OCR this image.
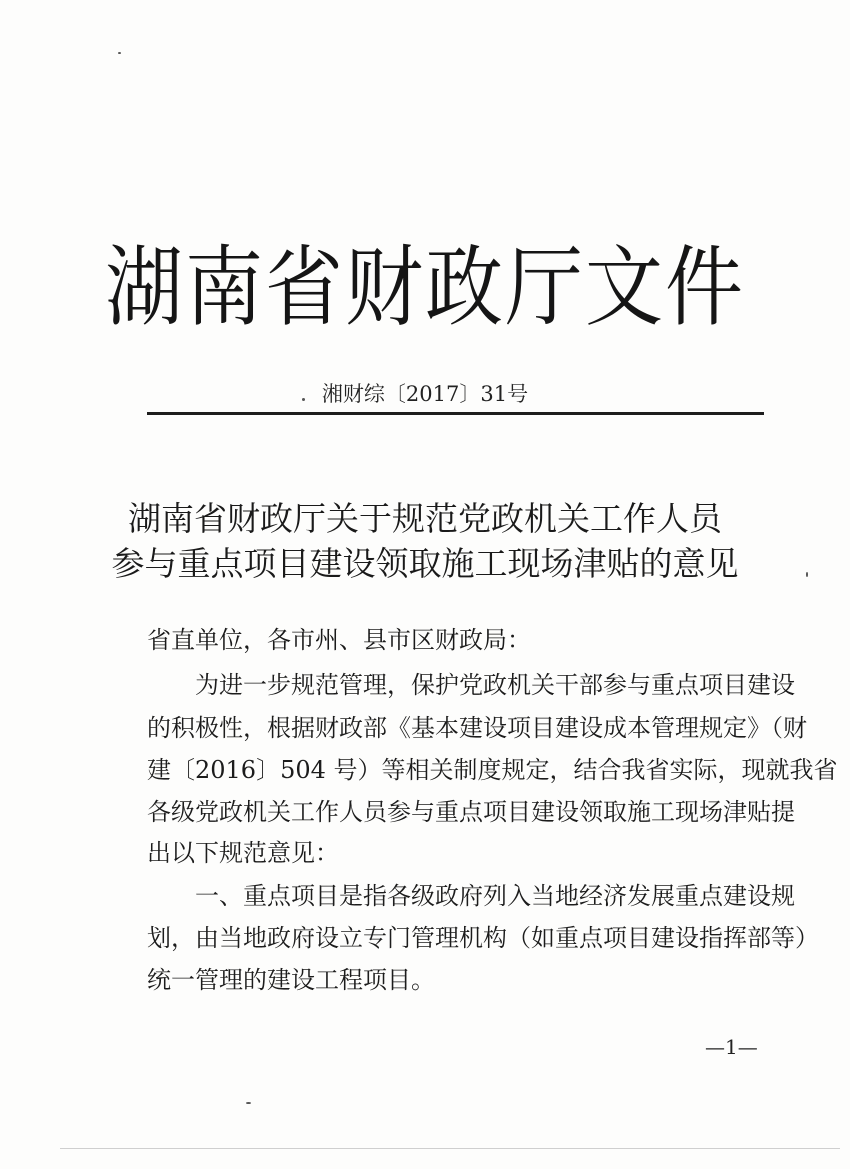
湖南省财政厅文件
湘财综〔2017〕31号
湖南省财政厅关于规范党政机关工作人员
参与重点项目建设领取施工现场津贴的意见
省直单位，各市州、县市区财政局：
为进一步规范管理，保护党政机关干部参与重点项目建设
的积极性，根据财政部《基本建设项目建设成本管理规定》（财
建〔2016〕504 号）等相关制度规定，结合我省实际，现就我省
各级党政机关工作人员参与重点项目建设领取施工现场津贴提
出以下规范意见：
一、重点项目是指各级政府列入当地经济发展重点建设规
划，由当地政府设立专门管理机构（如重点项目建设指挥部等）
统一管理的建设工程项目。
—1—
